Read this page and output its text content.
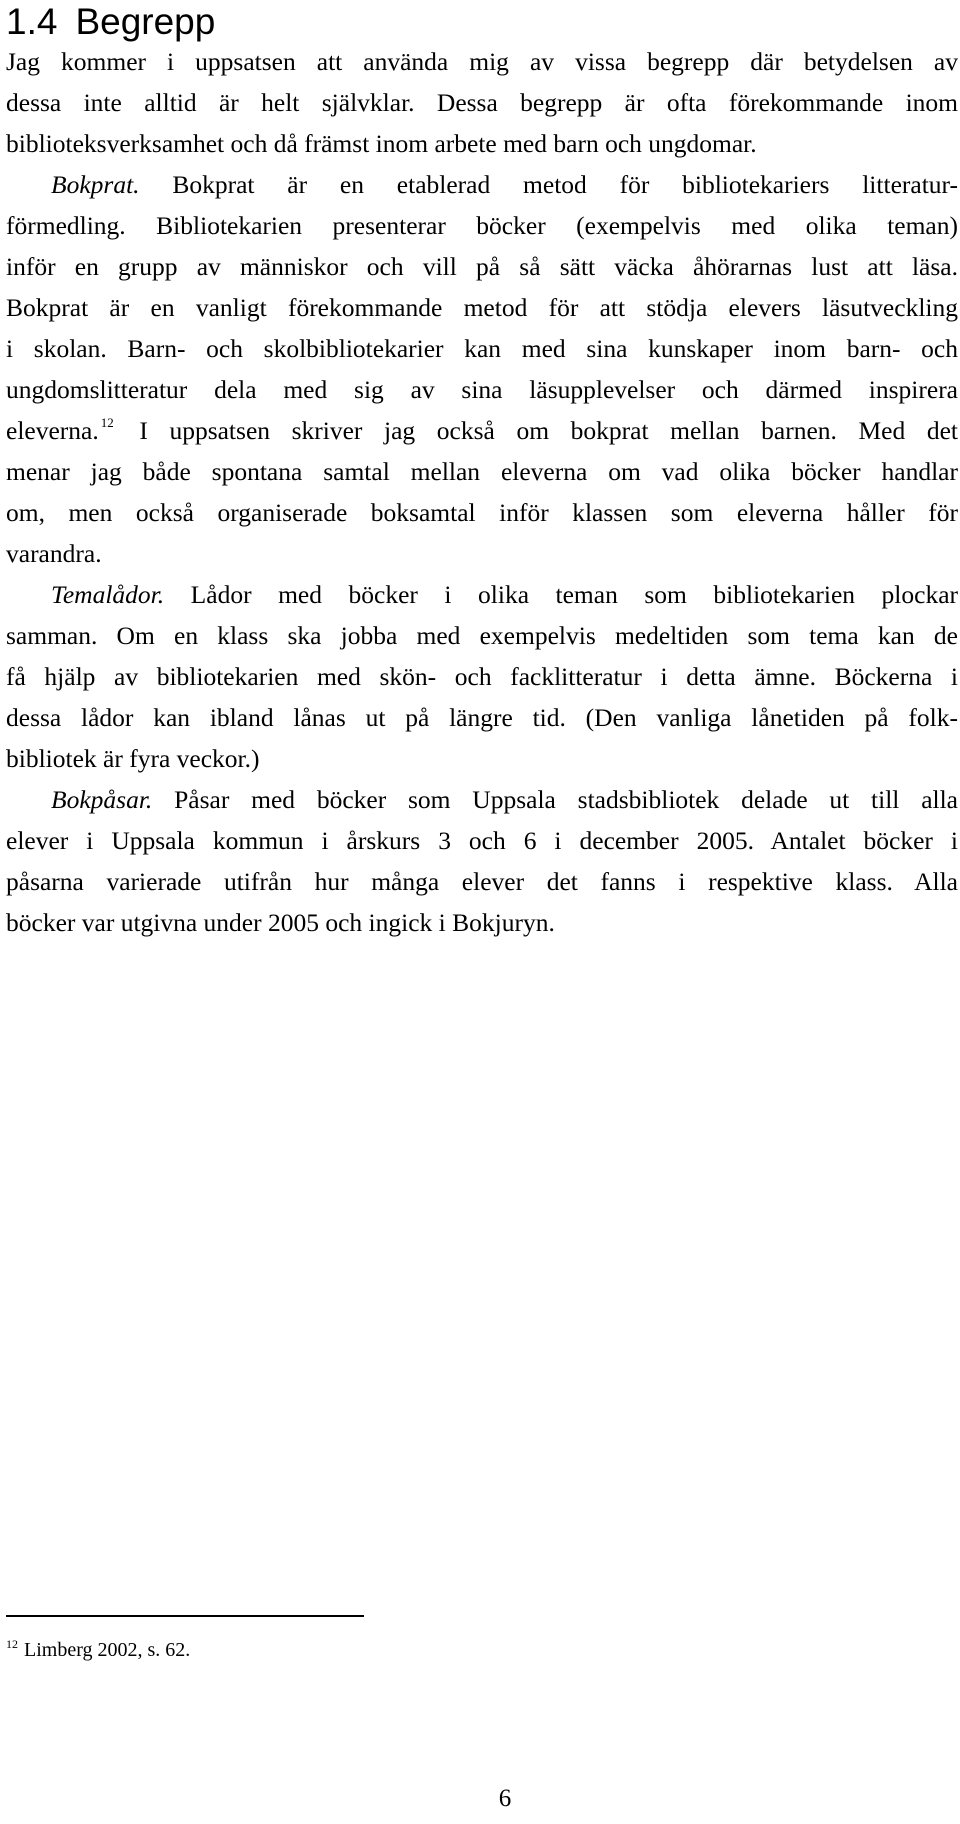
1.4 Begrepp
Jag kommer i uppsatsen att använda mig av vissa begrepp där betydelsen av
dessa inte alltid är helt självklar. Dessa begrepp är ofta förekommande inom
biblioteksverksamhet och då främst inom arbete med barn och ungdomar.
Bokprat. Bokprat är en etablerad metod för bibliotekariers litteratur-
förmedling. Bibliotekarien presenterar böcker (exempelvis med olika teman)
inför en grupp av människor och vill på så sätt väcka åhörarnas lust att läsa.
Bokprat är en vanligt förekommande metod för att stödja elevers läsutveckling
i skolan. Barn- och skolbibliotekarier kan med sina kunskaper inom barn- och
ungdomslitteratur dela med sig av sina läsupplevelser och därmed inspirera
eleverna. $^{12}$ I uppsatsen skriver jag också om bokprat mellan barnen. Med det
menar jag både spontana samtal mellan eleverna om vad olika böcker handlar
om, men också organiserade boksamtal inför klassen som eleverna håller för
varandra.
Temalådor. Lådor med böcker i olika teman som bibliotekarien plockar
samman. Om en klass ska jobba med exempelvis medeltiden som tema kan de
få hjälp av bibliotekarien med skön- och facklitteratur i detta ämne. Böckerna i
dessa lådor kan ibland lånas ut på längre tid. (Den vanliga lånetiden på folk-
bibliotek är fyra veckor.)
Bokpåsar. Påsar med böcker som Uppsala stadsbibliotek delade ut till alla
elever i Uppsala kommun i årskurs 3 och 6 i december 2005. Antalet böcker i
påsarna varierade utifrån hur många elever det fanns i respektive klass. Alla
böcker var utgivna under 2005 och ingick i Bokjuryn.
$^{12}$ Limberg 2002, s. 62.
6
